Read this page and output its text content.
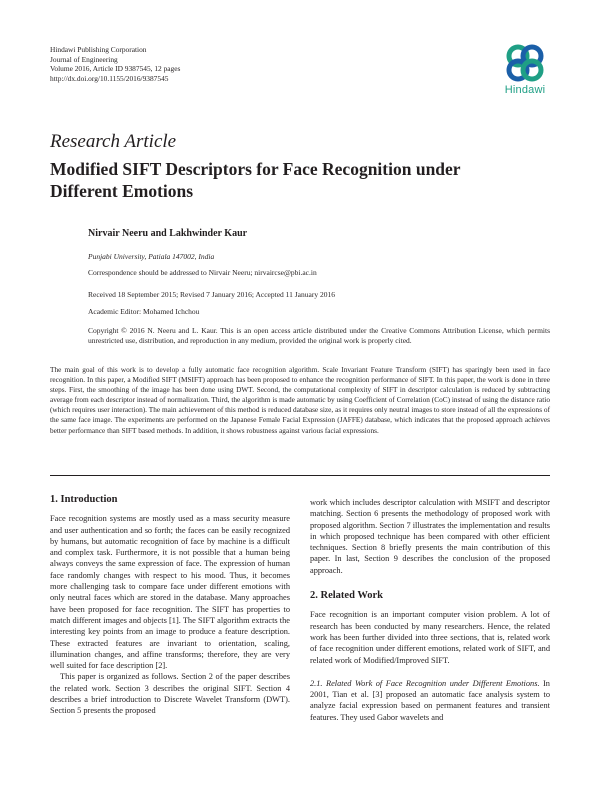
Hindawi Publishing Corporation
Journal of Engineering
Volume 2016, Article ID 9387545, 12 pages
http://dx.doi.org/10.1155/2016/9387545
Hindawi
Research Article
Modified SIFT Descriptors for Face Recognition under Different Emotions
Nirvair Neeru and Lakhwinder Kaur
Punjabi University, Patiala 147002, India
Correspondence should be addressed to Nirvair Neeru; nirvaircse@pbi.ac.in
Received 18 September 2015; Revised 7 January 2016; Accepted 11 January 2016
Academic Editor: Mohamed Ichchou
Copyright © 2016 N. Neeru and L. Kaur. This is an open access article distributed under the Creative Commons Attribution License, which permits unrestricted use, distribution, and reproduction in any medium, provided the original work is properly cited.
The main goal of this work is to develop a fully automatic face recognition algorithm. Scale Invariant Feature Transform (SIFT) has sparingly been used in face recognition. In this paper, a Modified SIFT (MSIFT) approach has been proposed to enhance the recognition performance of SIFT. In this paper, the work is done in three steps. First, the smoothing of the image has been done using DWT. Second, the computational complexity of SIFT in descriptor calculation is reduced by subtracting average from each descriptor instead of normalization. Third, the algorithm is made automatic by using Coefficient of Correlation (CoC) instead of using the distance ratio (which requires user interaction). The main achievement of this method is reduced database size, as it requires only neutral images to store instead of all the expressions of the same face image. The experiments are performed on the Japanese Female Facial Expression (JAFFE) database, which indicates that the proposed approach achieves better performance than SIFT based methods. In addition, it shows robustness against various facial expressions.
1. Introduction

Face recognition systems are mostly used as a mass security measure and user authentication and so forth; the faces can be easily recognized by humans, but automatic recognition of face by machine is a difficult and complex task. Furthermore, it is not possible that a human being always conveys the same expression of face. The expression of human face randomly changes with respect to his mood. Thus, it becomes more challenging task to compare face under different emotions with only neutral faces which are stored in the database. Many approaches have been proposed for face recognition. The SIFT has properties to match different images and objects [1]. The SIFT algorithm extracts the interesting key points from an image to produce a feature description. These extracted features are invariant to orientation, scaling, illumination changes, and affine transforms; therefore, they are very well suited for face description [2].

This paper is organized as follows. Section 2 of the paper describes the related work. Section 3 describes the original SIFT. Section 4 describes a brief introduction to Discrete Wavelet Transform (DWT). Section 5 presents the proposed

work which includes descriptor calculation with MSIFT and descriptor matching. Section 6 presents the methodology of proposed work with proposed algorithm. Section 7 illustrates the implementation and results in which proposed technique has been compared with other efficient techniques. Section 8 briefly presents the main contribution of this paper. In last, Section 9 describes the conclusion of the proposed approach.

2. Related Work

Face recognition is an important computer vision problem. A lot of research has been conducted by many researchers. Hence, the related work has been further divided into three sections, that is, related work of face recognition under different emotions, related work of SIFT, and related work of Modified/Improved SIFT.

2.1. Related Work of Face Recognition under Different Emotions. In 2001, Tian et al. [3] proposed an automatic face analysis system to analyze facial expression based on permanent features and transient features. They used Gabor wavelets and
